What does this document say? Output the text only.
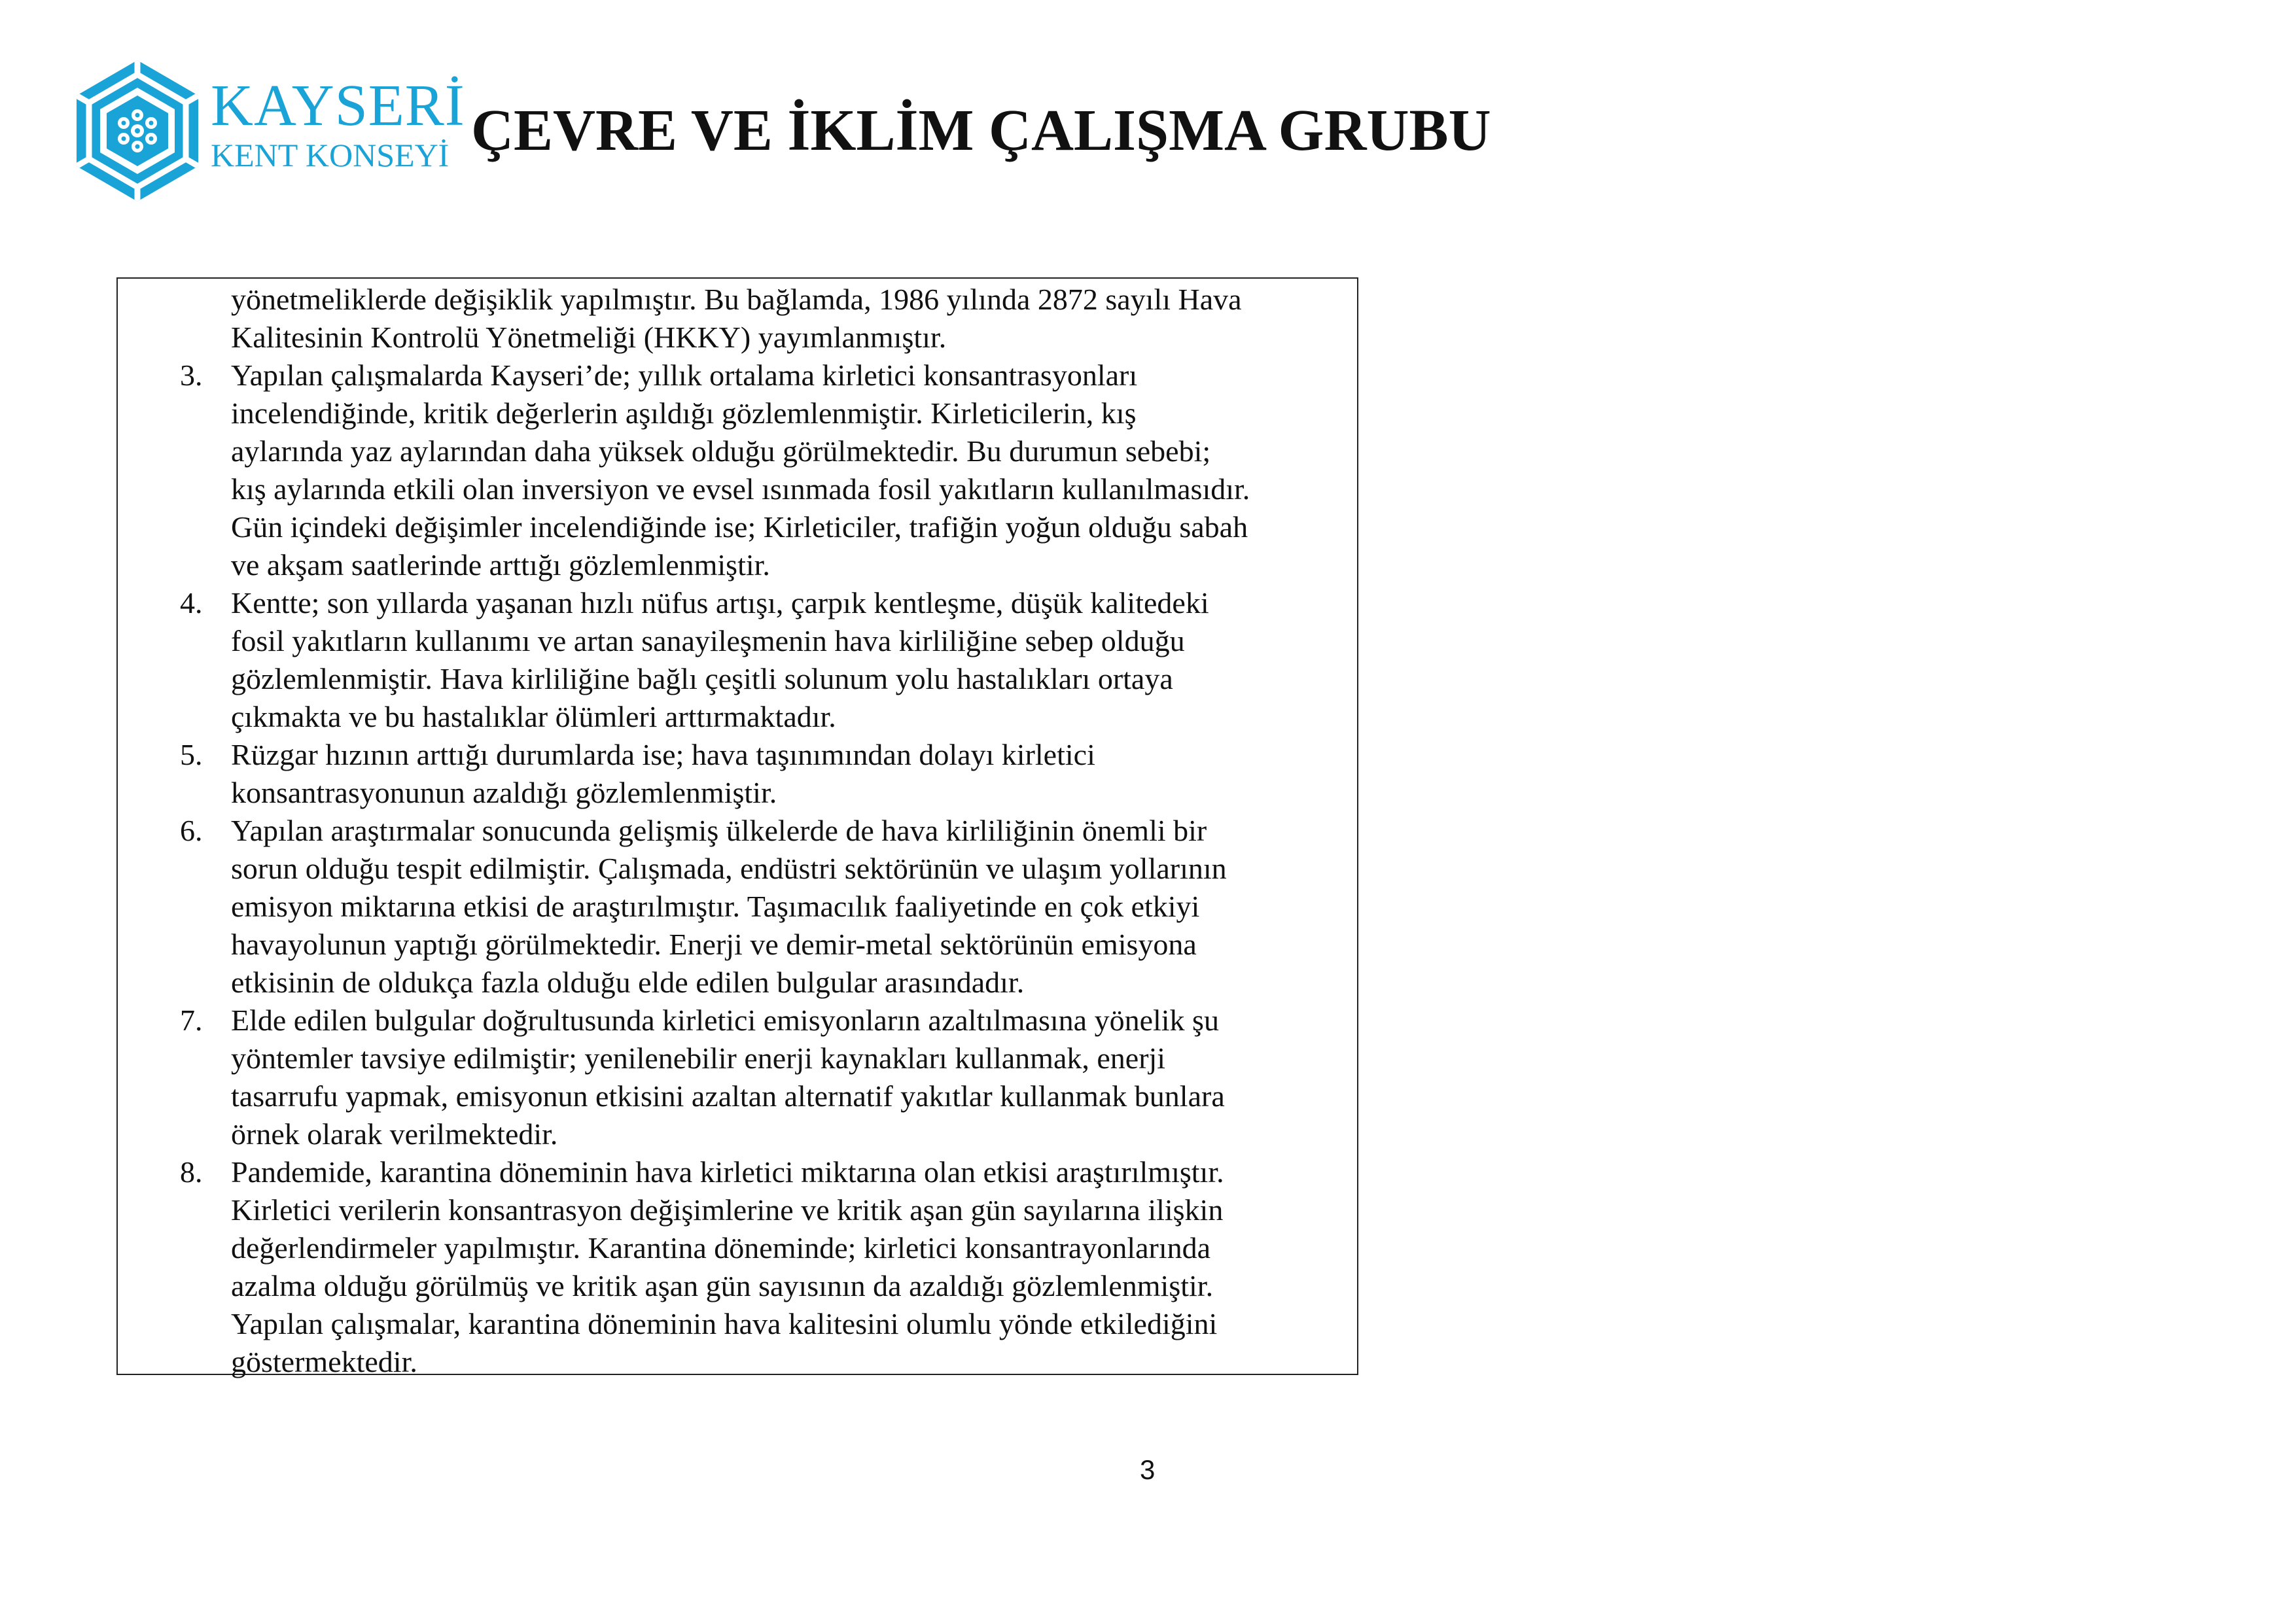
KAYSERİ
KENT KONSEYİ ÇEVRE VE İKLİM ÇALIŞMA GRUBU
yönetmeliklerde değişiklik yapılmıştır. Bu bağlamda, 1986 yılında 2872 sayılı Hava
Kalitesinin Kontrolü Yönetmeliği (HKKY) yayımlanmıştır.
3. Yapılan çalışmalarda Kayseri’de; yıllık ortalama kirletici konsantrasyonları
incelendiğinde, kritik değerlerin aşıldığı gözlemlenmiştir. Kirleticilerin, kış
aylarında yaz aylarından daha yüksek olduğu görülmektedir. Bu durumun sebebi;
kış aylarında etkili olan inversiyon ve evsel ısınmada fosil yakıtların kullanılmasıdır.
Gün içindeki değişimler incelendiğinde ise; Kirleticiler, trafiğin yoğun olduğu sabah
ve akşam saatlerinde arttığı gözlemlenmiştir.
4. Kentte; son yıllarda yaşanan hızlı nüfus artışı, çarpık kentleşme, düşük kalitedeki
fosil yakıtların kullanımı ve artan sanayileşmenin hava kirliliğine sebep olduğu
gözlemlenmiştir. Hava kirliliğine bağlı çeşitli solunum yolu hastalıkları ortaya
çıkmakta ve bu hastalıklar ölümleri arttırmaktadır.
5. Rüzgar hızının arttığı durumlarda ise; hava taşınımından dolayı kirletici
konsantrasyonunun azaldığı gözlemlenmiştir.
6. Yapılan araştırmalar sonucunda gelişmiş ülkelerde de hava kirliliğinin önemli bir
sorun olduğu tespit edilmiştir. Çalışmada, endüstri sektörünün ve ulaşım yollarının
emisyon miktarına etkisi de araştırılmıştır. Taşımacılık faaliyetinde en çok etkiyi
havayolunun yaptığı görülmektedir. Enerji ve demir-metal sektörünün emisyona
etkisinin de oldukça fazla olduğu elde edilen bulgular arasındadır.
7. Elde edilen bulgular doğrultusunda kirletici emisyonların azaltılmasına yönelik şu
yöntemler tavsiye edilmiştir; yenilenebilir enerji kaynakları kullanmak, enerji
tasarrufu yapmak, emisyonun etkisini azaltan alternatif yakıtlar kullanmak bunlara
örnek olarak verilmektedir.
8. Pandemide, karantina döneminin hava kirletici miktarına olan etkisi araştırılmıştır.
Kirletici verilerin konsantrasyon değişimlerine ve kritik aşan gün sayılarına ilişkin
değerlendirmeler yapılmıştır. Karantina döneminde; kirletici konsantrayonlarında
azalma olduğu görülmüş ve kritik aşan gün sayısının da azaldığı gözlemlenmiştir.
Yapılan çalışmalar, karantina döneminin hava kalitesini olumlu yönde etkilediğini
göstermektedir.
3
